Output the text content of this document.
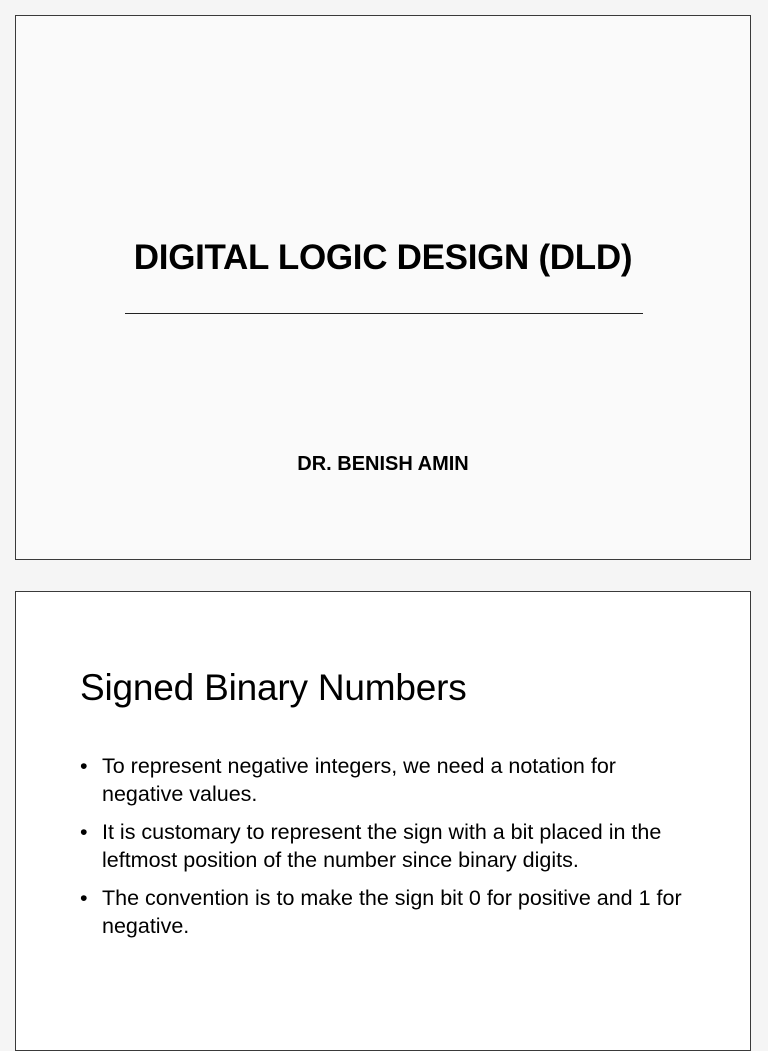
DIGITAL LOGIC DESIGN (DLD)
DR. BENISH AMIN
Signed Binary Numbers
• To represent negative integers, we need a notation for negative values.
• It is customary to represent the sign with a bit placed in the leftmost position of the number since binary digits.
• The convention is to make the sign bit 0 for positive and 1 for negative.
